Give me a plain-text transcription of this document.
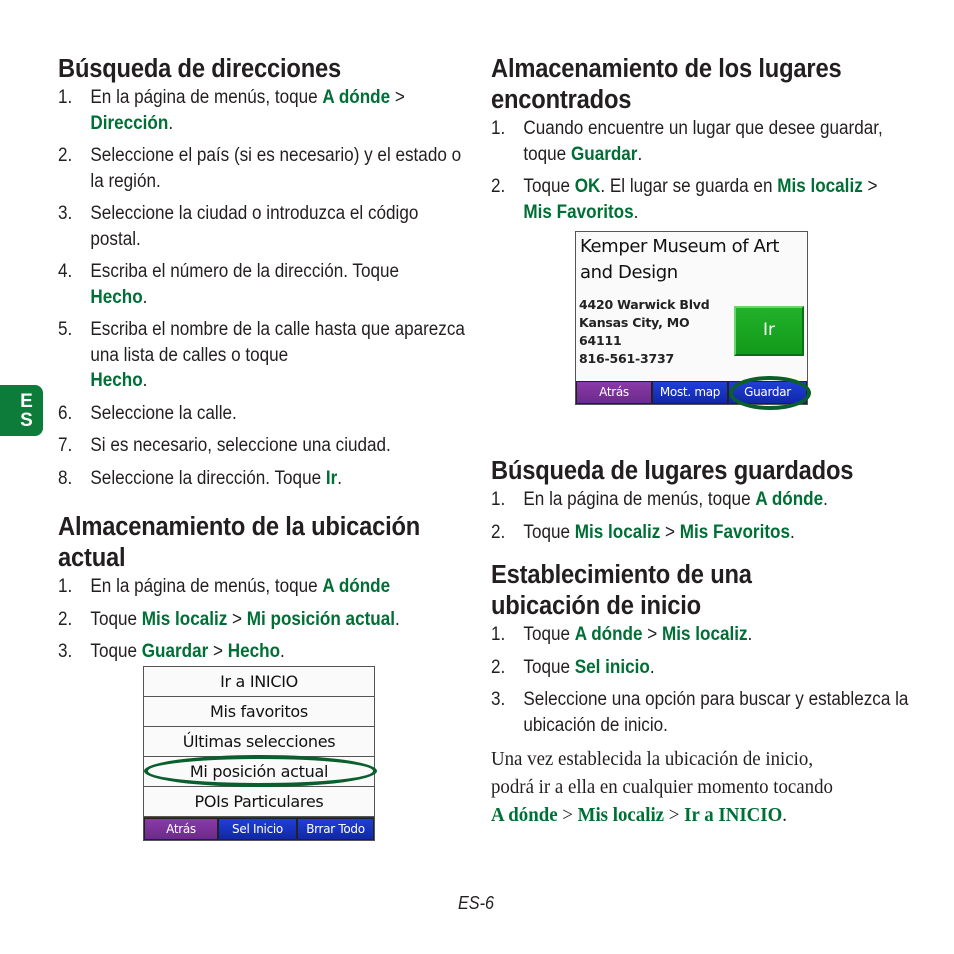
E
S
Búsqueda de direcciones
1. En la página de menús, toque A dónde >
Dirección.
2. Seleccione el país (si es necesario) y el estado o la región.
3. Seleccione la ciudad o introduzca el código postal.
4. Escriba el número de la dirección. Toque
Hecho.
5. Escriba el nombre de la calle hasta que aparezca una lista de calles o toque
Hecho.
6. Seleccione la calle.
7. Si es necesario, seleccione una ciudad.
8. Seleccione la dirección. Toque Ir.
Almacenamiento de la ubicación
actual
1. En la página de menús, toque A dónde
2. Toque Mis localiz > Mi posición actual.
3. Toque Guardar > Hecho.
Ir a INICIO
Mis favoritos
Últimas selecciones
Mi posición actual
POIs Particulares
Atrás	Sel Inicio	Brrar Todo
Almacenamiento de los lugares
encontrados
1. Cuando encuentre un lugar que desee guardar, toque Guardar.
2. Toque OK. El lugar se guarda en Mis localiz > Mis Favoritos.
Búsqueda de lugares guardados
1. En la página de menús, toque A dónde.
2. Toque Mis localiz > Mis Favoritos.
Establecimiento de una
ubicación de inicio
1. Toque A dónde > Mis localiz.
2. Toque Sel inicio.
3. Seleccione una opción para buscar y establezca la ubicación de inicio.
Una vez establecida la ubicación de inicio,
podrá ir a ella en cualquier momento tocando
A dónde > Mis localiz > Ir a INICIO.
Kemper Museum of Art and Design
4420 Warwick Blvd
Kansas City, MO
64111
816-561-3737
Ir
Atrás	Most. map	Guardar
ES-6
